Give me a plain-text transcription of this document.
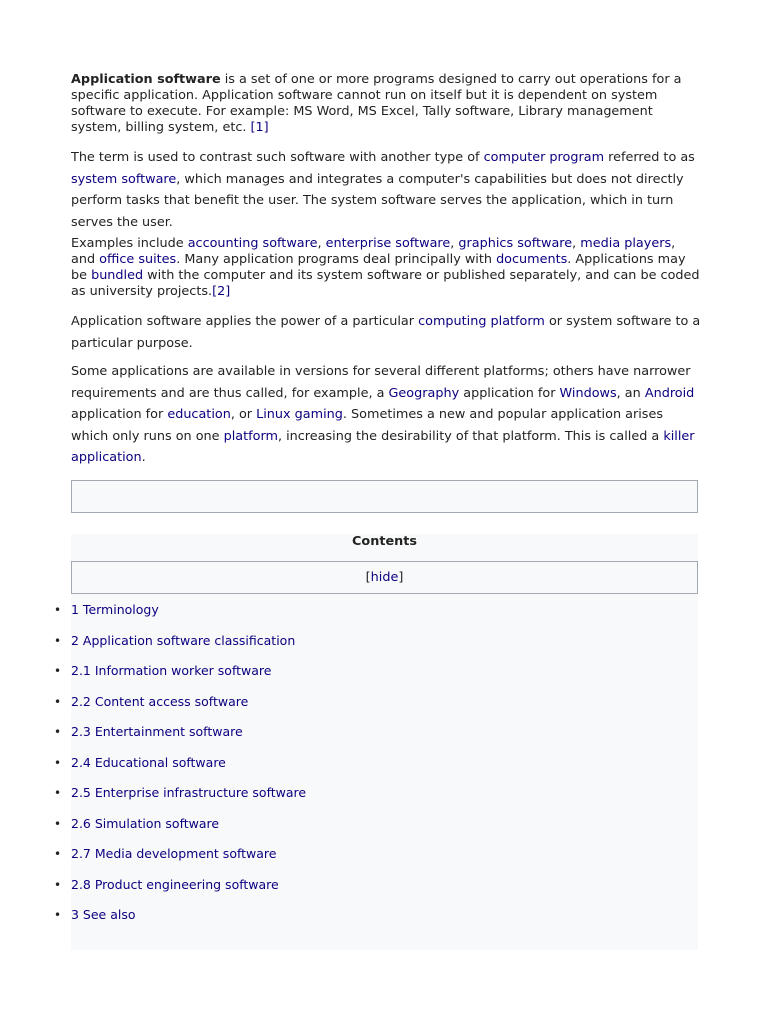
Application software is a set of one or more programs designed to carry out operations for a specific application. Application software cannot run on itself but it is dependent on system software to execute. For example: MS Word, MS Excel, Tally software, Library management system, billing system, etc. [1]

The term is used to contrast such software with another type of computer program referred to as system software, which manages and integrates a computer's capabilities but does not directly perform tasks that benefit the user. The system software serves the application, which in turn serves the user.

Examples include accounting software, enterprise software, graphics software, media players, and office suites. Many application programs deal principally with documents. Applications may be bundled with the computer and its system software or published separately, and can be coded as university projects.[2]

Application software applies the power of a particular computing platform or system software to a particular purpose.

Some applications are available in versions for several different platforms; others have narrower requirements and are thus called, for example, a Geography application for Windows, an Android application for education, or Linux gaming. Sometimes a new and popular application arises which only runs on one platform, increasing the desirability of that platform. This is called a killer application.

Contents
[hide]
• 1 Terminology
• 2 Application software classification
• 2.1 Information worker software
• 2.2 Content access software
• 2.3 Entertainment software
• 2.4 Educational software
• 2.5 Enterprise infrastructure software
• 2.6 Simulation software
• 2.7 Media development software
• 2.8 Product engineering software
• 3 See also
